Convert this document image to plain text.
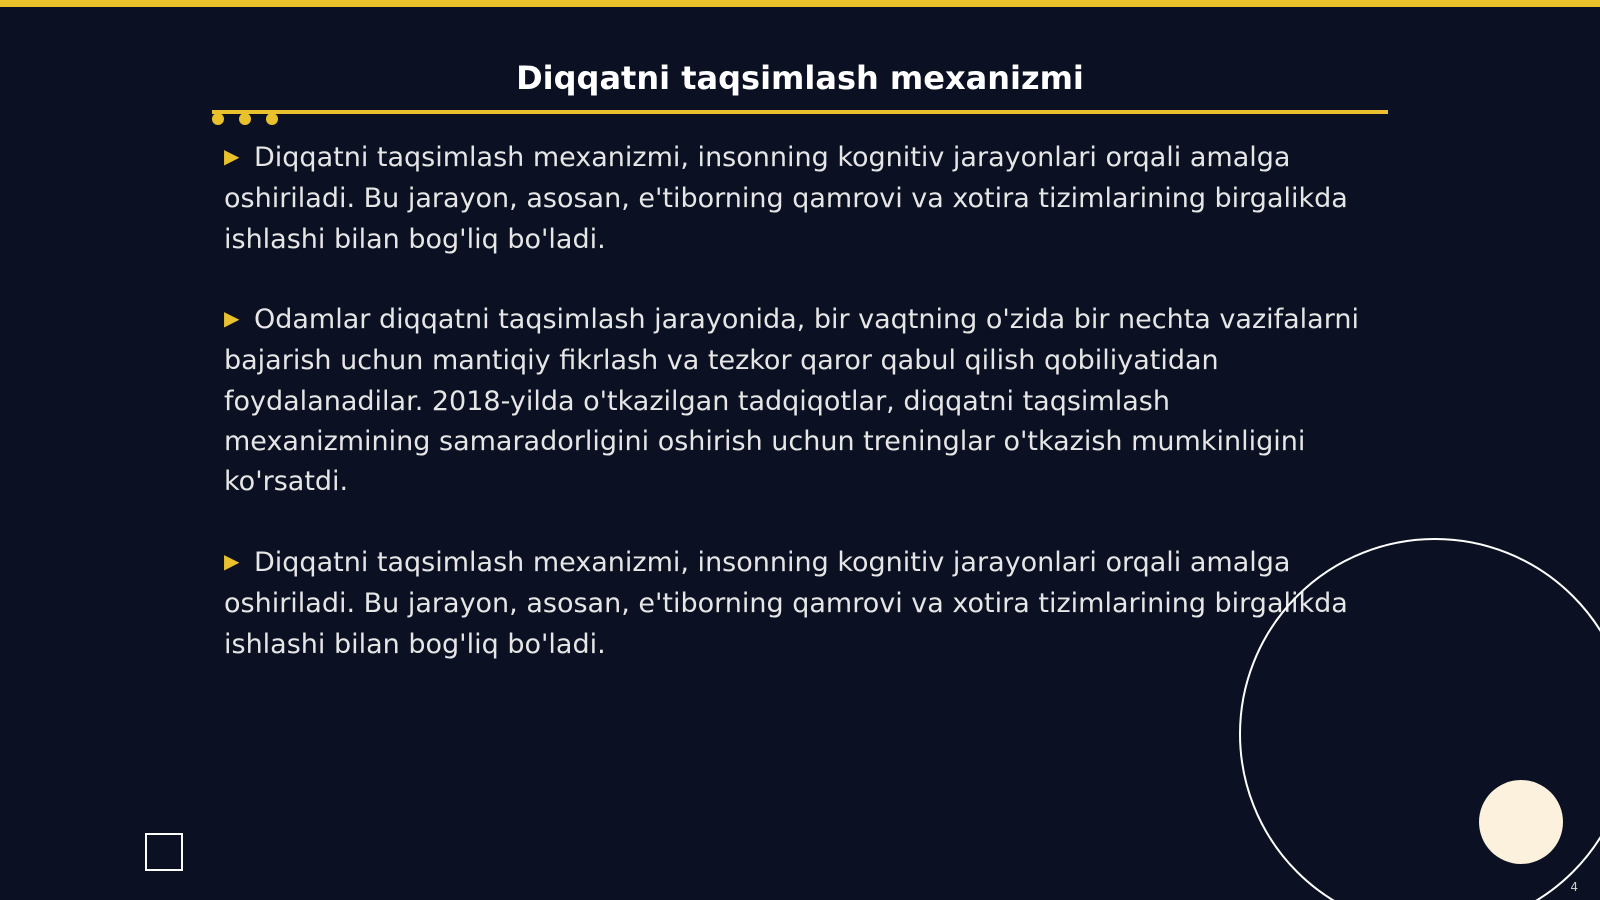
Diqqatni taqsimlash mexanizmi

▶ Diqqatni taqsimlash mexanizmi, insonning kognitiv jarayonlari orqali amalga oshiriladi. Bu jarayon, asosan, e'tiborning qamrovi va xotira tizimlarining birgalikda ishlashi bilan bog'liq bo'ladi.

▶ Odamlar diqqatni taqsimlash jarayonida, bir vaqtning o'zida bir nechta vazifalarni bajarish uchun mantiqiy fikrlash va tezkor qaror qabul qilish qobiliyatidan foydalanadilar. 2018-yilda o'tkazilgan tadqiqotlar, diqqatni taqsimlash mexanizmining samaradorligini oshirish uchun treninglar o'tkazish mumkinligini ko'rsatdi.

▶ Diqqatni taqsimlash mexanizmi, insonning kognitiv jarayonlari orqali amalga oshiriladi. Bu jarayon, asosan, e'tiborning qamrovi va xotira tizimlarining birgalikda ishlashi bilan bog'liq bo'ladi.

4
